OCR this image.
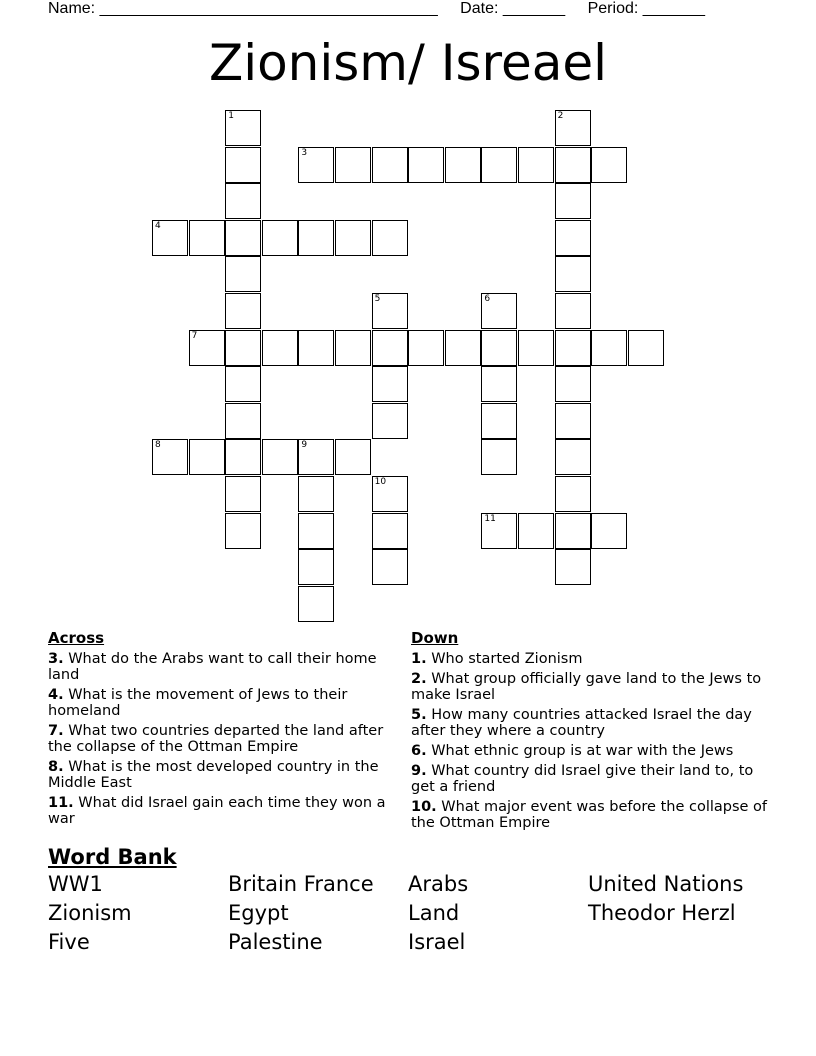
Name: ______________________________________ Date: _______ Period: _______
Zionism/ Isreael
1	2
3
4
5	6
7
8	9
10
11
Across
3. What do the Arabs want to call their home land
4. What is the movement of Jews to their homeland
7. What two countries departed the land after the collapse of the Ottman Empire
8. What is the most developed country in the Middle East
11. What did Israel gain each time they won a war
Down
1. Who started Zionism
2. What group officially gave land to the Jews to make Israel
5. How many countries attacked Israel the day after they where a country
6. What ethnic group is at war with the Jews
9. What country did Israel give their land to, to get a friend
10. What major event was before the collapse of the Ottman Empire
Word Bank
WW1	Britain France	Arabs	United Nations
Zionism	Egypt	Land	Theodor Herzl
Five	Palestine	Israel
